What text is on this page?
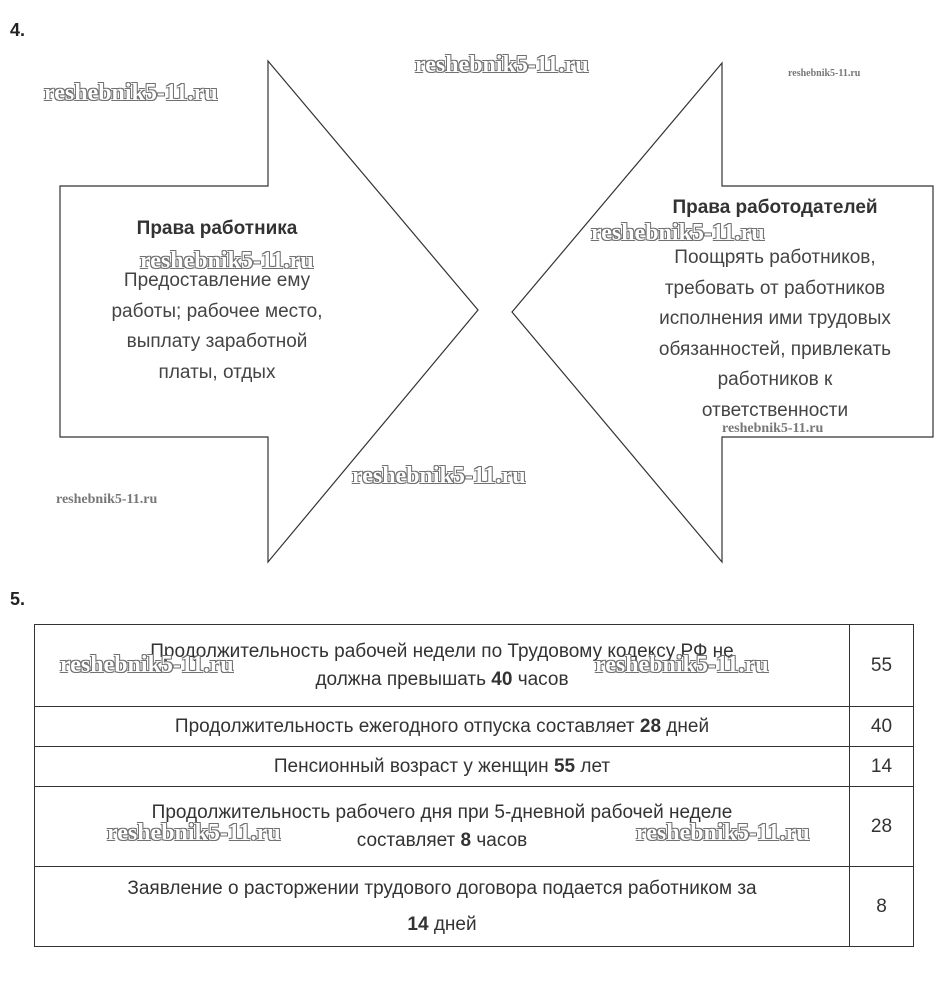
4.
Права работника
Предоставление ему
работы; рабочее место,
выплату заработной
платы, отдых
Права работодателей
Поощрять работников,
требовать от работников
исполнения ими трудовых
обязанностей, привлекать
работников к
ответственности
5.
Продолжительность рабочей недели по Трудовому кодексу РФ не
должна превышать 40 часов	55

Продолжительность ежегодного отпуска составляет 28 дней	40

Пенсионный возраст у женщин 55 лет	14

Продолжительность рабочего дня при 5-дневной рабочей неделе
составляет 8 часов	28

Заявление о расторжении трудового договора подается работником за
14 дней	8
reshebnik5-11.ru
reshebnik5-11.ru	reshebnik5-11.ru
reshebnik5-11.ru
reshebnik5-11.ru
reshebnik5-11.ru
reshebnik5-11.ru
reshebnik5-11.ru
reshebnik5-11.ru	reshebnik5-11.ru
reshebnik5-11.ru	reshebnik5-11.ru
